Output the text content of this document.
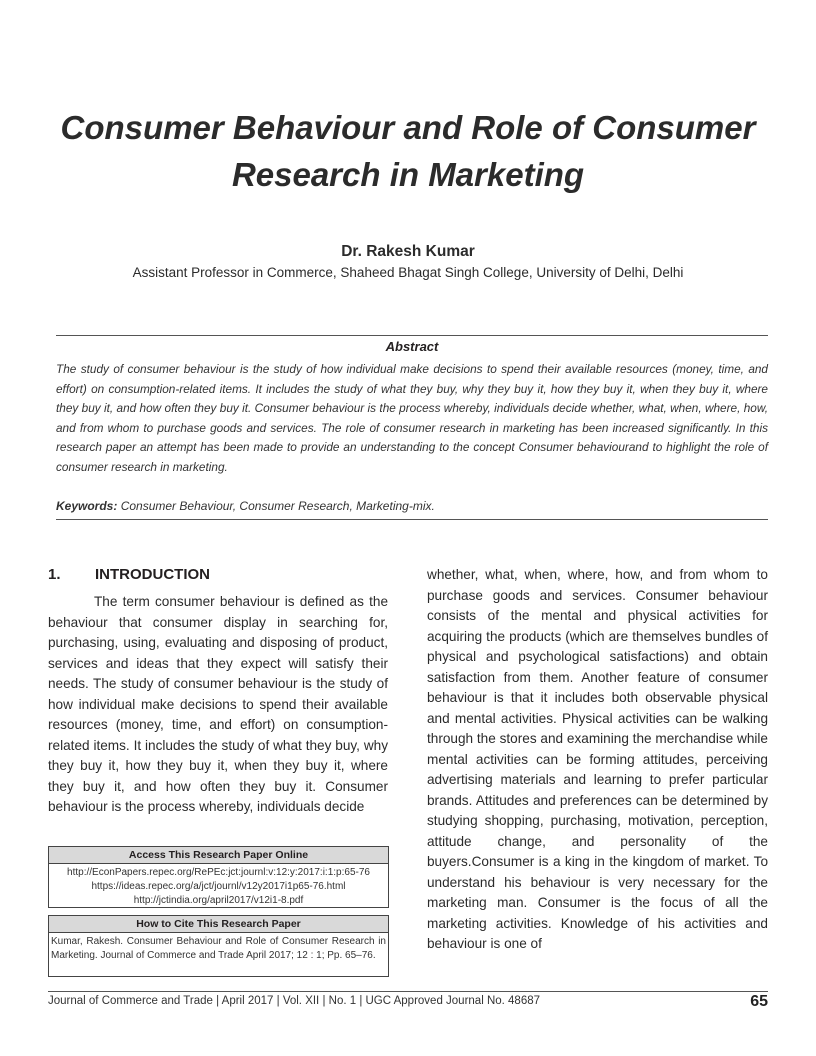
Consumer Behaviour and Role of Consumer
Research in Marketing
Dr. Rakesh Kumar
Assistant Professor in Commerce, Shaheed Bhagat Singh College, University of Delhi, Delhi
Abstract
The study of consumer behaviour is the study of how individual make decisions to spend their available resources (money, time, and effort) on consumption-related items. It includes the study of what they buy, why they buy it, how they buy it, when they buy it, where they buy it, and how often they buy it. Consumer behaviour is the process whereby, individuals decide whether, what, when, where, how, and from whom to purchase goods and services. The role of consumer research in marketing has been increased significantly. In this research paper an attempt has been made to provide an understanding to the concept Consumer behaviourand to highlight the role of consumer research in marketing.
Keywords: Consumer Behaviour, Consumer Research, Marketing-mix.
1. INTRODUCTION
The term consumer behaviour is defined as the behaviour that consumer display in searching for, purchasing, using, evaluating and disposing of product, services and ideas that they expect will satisfy their needs. The study of consumer behaviour is the study of how individual make decisions to spend their available resources (money, time, and effort) on consumption-related items. It includes the study of what they buy, why they buy it, how they buy it, when they buy it, where they buy it, and how often they buy it. Consumer behaviour is the process whereby, individuals decide
whether, what, when, where, how, and from whom to purchase goods and services. Consumer behaviour consists of the mental and physical activities for acquiring the products (which are themselves bundles of physical and psychological satisfactions) and obtain satisfaction from them. Another feature of consumer behaviour is that it includes both observable physical and mental activities. Physical activities can be walking through the stores and examining the merchandise while mental activities can be forming attitudes, perceiving advertising materials and learning to prefer particular brands. Attitudes and preferences can be determined by studying shopping, purchasing, motivation, perception, attitude change, and personality of the buyers.Consumer is a king in the kingdom of market. To understand his behaviour is very necessary for the marketing man. Consumer is the focus of all the marketing activities. Knowledge of his activities and behaviour is one of
Access This Research Paper Online
http://EconPapers.repec.org/RePEc:jct:journl:v:12:y:2017:i:1:p:65-76
https://ideas.repec.org/a/jct/journl/v12y2017i1p65-76.html
http://jctindia.org/april2017/v12i1-8.pdf
How to Cite This Research Paper
Kumar, Rakesh. Consumer Behaviour and Role of Consumer Research in Marketing. Journal of Commerce and Trade April 2017; 12 : 1; Pp. 65–76.
Journal of Commerce and Trade | April 2017 | Vol. XII | No. 1 | UGC Approved Journal No. 48687	65
